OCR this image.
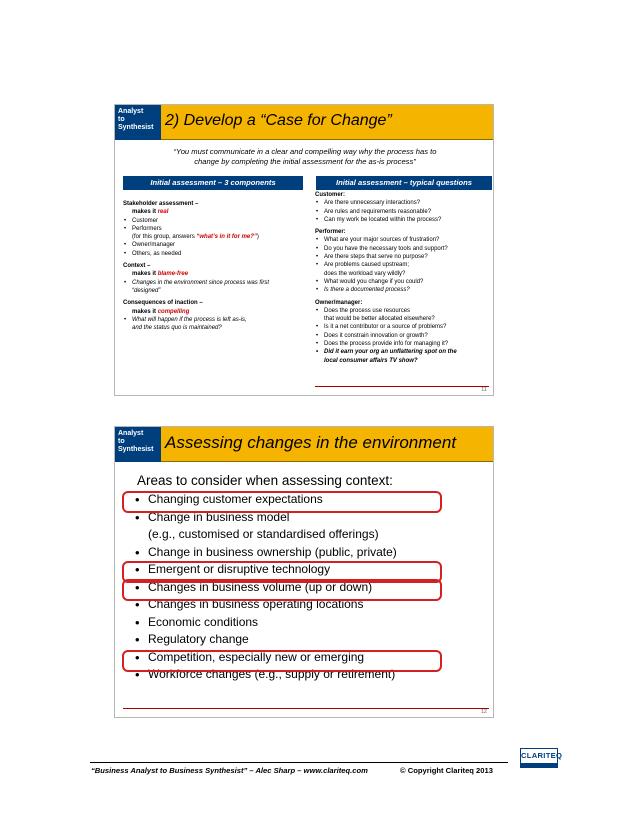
Analyst
to
Synthesist 2) Develop a “Case for Change”
“You must communicate in a clear and compelling way why the process has to
change by completing the initial assessment for the as-is process”
Initial assessment – 3 components	Initial assessment – typical questions
Stakeholder assessment –
makes it real
• Customer
• Performers
(for this group, answers “what’s in it for me?”)
• Owner/manager
• Others, as needed
Context –
makes it blame-free
• Changes in the environment since process was first
“designed”
Consequences of inaction –
makes it compelling
• What will happen if the process is left as-is,
and the status quo is maintained?
Customer:
• Are there unnecessary interactions?
• Are rules and requirements reasonable?
• Can my work be located within the process?
Performer:
• What are your major sources of frustration?
• Do you have the necessary tools and support?
• Are there steps that serve no purpose?
• Are problems caused upstream;
does the workload vary wildly?
• What would you change if you could?
• Is there a documented process?
Owner/manager:
• Does the process use resources
that would be better allocated elsewhere?
• Is it a net contributor or a source of problems?
• Does it constrain innovation or growth?
• Does the process provide info for managing it?
• Did it earn your org an unflattering spot on the
local consumer affairs TV show?
11
Analyst
to
Synthesist Assessing changes in the environment
Areas to consider when assessing context:
• Changing customer expectations
• Change in business model
(e.g., customised or standardised offerings)
• Change in business ownership (public, private)
• Emergent or disruptive technology
• Changes in business volume (up or down)
• Changes in business operating locations
• Economic conditions
• Regulatory change
• Competition, especially new or emerging
• Workforce changes (e.g., supply or retirement)
12
“Business Analyst to Business Synthesist” – Alec Sharp – www.clariteq.com	© Copyright Clariteq 2013
CLARITEQ
